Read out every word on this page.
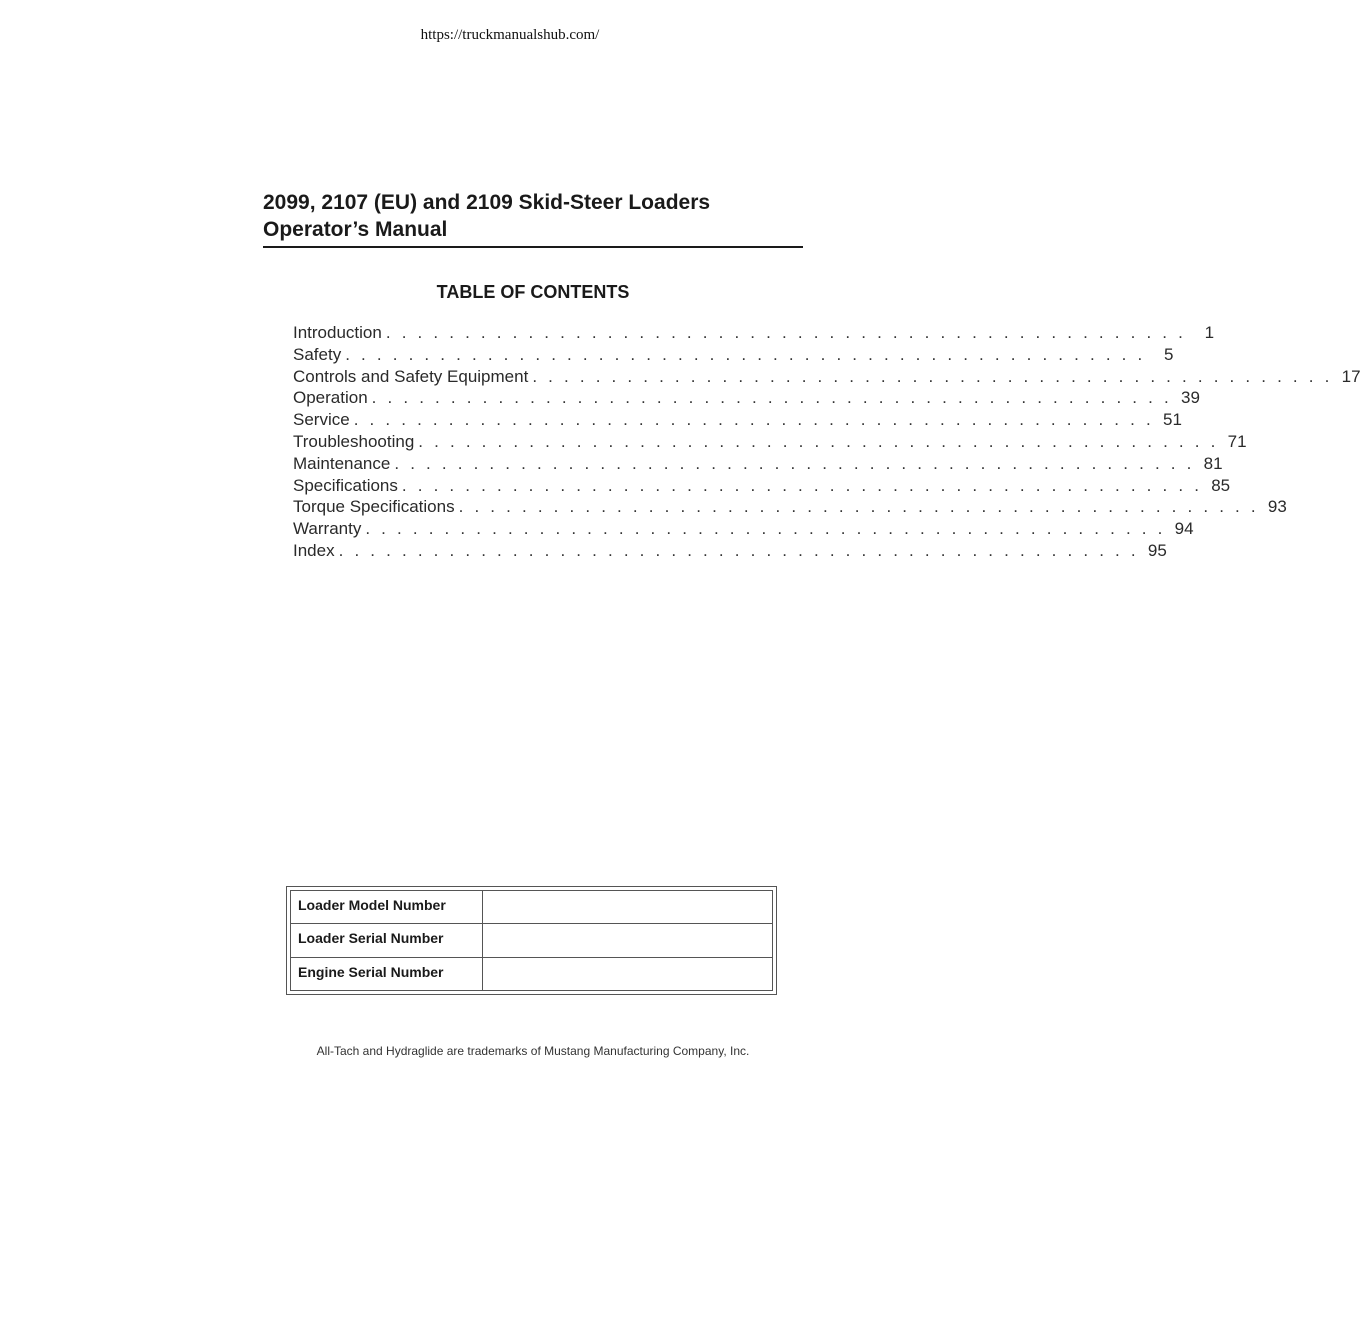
https://truckmanualshub.com/
2099, 2107 (EU) and 2109 Skid-Steer Loaders
Operator’s Manual
TABLE OF CONTENTS
Introduction . . . . . . . . . . . . . . . . . . . . . . . . . . . . . . . . . . . . . . . . . . . . . . . . . . .	1
Safety . . . . . . . . . . . . . . . . . . . . . . . . . . . . . . . . . . . . . . . . . . . . . . . . . . .	5
Controls and Safety Equipment . . . . . . . . . . . . . . . . . . . . . . . . . . . . . . . . . . . . . . . . . . . . . . . . . . . 17
Operation . . . . . . . . . . . . . . . . . . . . . . . . . . . . . . . . . . . . . . . . . . . . . . . . . . . 39
Service . . . . . . . . . . . . . . . . . . . . . . . . . . . . . . . . . . . . . . . . . . . . . . . . . . . 51
Troubleshooting . . . . . . . . . . . . . . . . . . . . . . . . . . . . . . . . . . . . . . . . . . . . . . . . . . . 71
Maintenance . . . . . . . . . . . . . . . . . . . . . . . . . . . . . . . . . . . . . . . . . . . . . . . . . . . 81
Specifications . . . . . . . . . . . . . . . . . . . . . . . . . . . . . . . . . . . . . . . . . . . . . . . . . . . 85
Torque Specifications . . . . . . . . . . . . . . . . . . . . . . . . . . . . . . . . . . . . . . . . . . . . . . . . . . . 93
Warranty . . . . . . . . . . . . . . . . . . . . . . . . . . . . . . . . . . . . . . . . . . . . . . . . . . . 94
Index . . . . . . . . . . . . . . . . . . . . . . . . . . . . . . . . . . . . . . . . . . . . . . . . . . . 95
Loader Model Number	
Loader Serial Number	
Engine Serial Number	
All-Tach and Hydraglide are trademarks of Mustang Manufacturing Company, Inc.
